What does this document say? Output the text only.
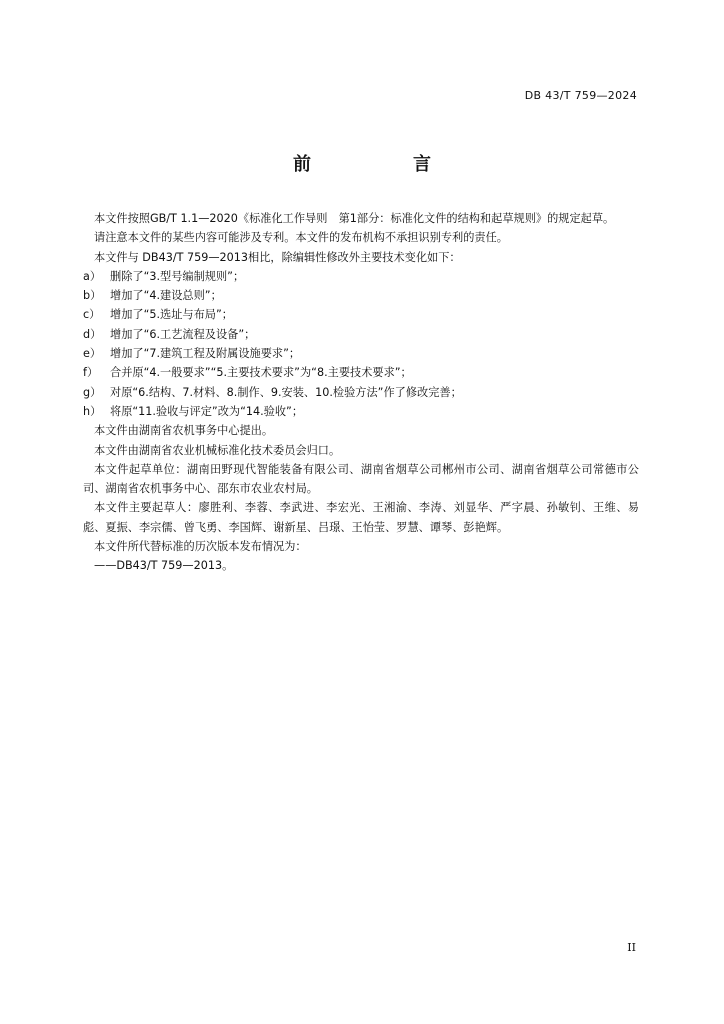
DB 43/T 759—2024
前　言

本文件按照GB/T 1.1—2020《标准化工作导则　第1部分：标准化文件的结构和起草规则》的规定起草。

请注意本文件的某些内容可能涉及专利。本文件的发布机构不承担识别专利的责任。

本文件与 DB43/T 759—2013相比，除编辑性修改外主要技术变化如下：

a） 删除了“3.型号编制规则”；
b） 增加了“4.建设总则”；
c） 增加了“5.选址与布局”；
d） 增加了“6.工艺流程及设备”；
e） 增加了“7.建筑工程及附属设施要求”；
f）	合并原“4.一般要求”“5.主要技术要求”为“8.主要技术要求”；
g） 对原“6.结构、7.材料、8.制作、9.安装、10.检验方法”作了修改完善；
h） 将原“11.验收与评定”改为“14.验收”；

本文件由湖南省农机事务中心提出。

本文件由湖南省农业机械标准化技术委员会归口。

本文件起草单位：湖南田野现代智能装备有限公司、湖南省烟草公司郴州市公司、湖南省烟草公司常德市公司、湖南省农机事务中心、邵东市农业农村局。

本文件主要起草人：廖胜利、李蓉、李武进、李宏光、王湘渝、李涛、刘显华、严字晨、孙敏钊、王维、易彪、夏振、李宗儒、曾飞勇、李国辉、谢新星、吕璟、王怡莹、罗慧、谭琴、彭艳辉。

本文件所代替标准的历次版本发布情况为：

——DB43/T 759—2013。

II
